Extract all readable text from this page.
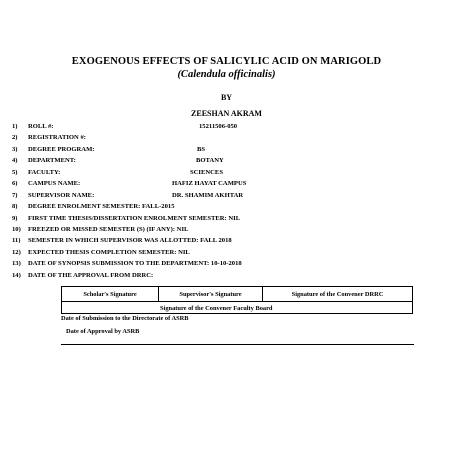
EXOGENOUS EFFECTS OF SALICYLIC ACID ON MARIGOLD
(Calendula officinalis)
BY
ZEESHAN AKRAM
1) ROLL #:	15211506-050
2) REGISTRATION #:
3) DEGREE PROGRAM:	BS
4) DEPARTMENT:	BOTANY
5) FACULTY:	SCIENCES
6) CAMPUS NAME:	HAFIZ HAYAT CAMPUS
7) SUPERVISOR NAME:	DR. SHAMIM AKHTAR
8) DEGREE ENROLMENT SEMESTER: FALL-2015
9) FIRST TIME THESIS/DISSERTATION ENROLMENT SEMESTER: NIL
10) FREEZED OR MISSED SEMESTER (S) (IF ANY): NIL
11) SEMESTER IN WHICH SUPERVISOR WAS ALLOTTED: FALL 2018
12) EXPECTED THESIS COMPLETION SEMESTER: NIL
13) DATE OF SYNOPSIS SUBMISSION TO THE DEPARTMENT: 10-10-2018
14) DATE OF THE APPROVAL FROM DRRC:
Scholar's Signature	Supervisor's Signature	Signature of the Convener DRRC
Signature of the Convener Faculty Board
Date of Submission to the Directorate of ASRB
Date of Approval by ASRB
